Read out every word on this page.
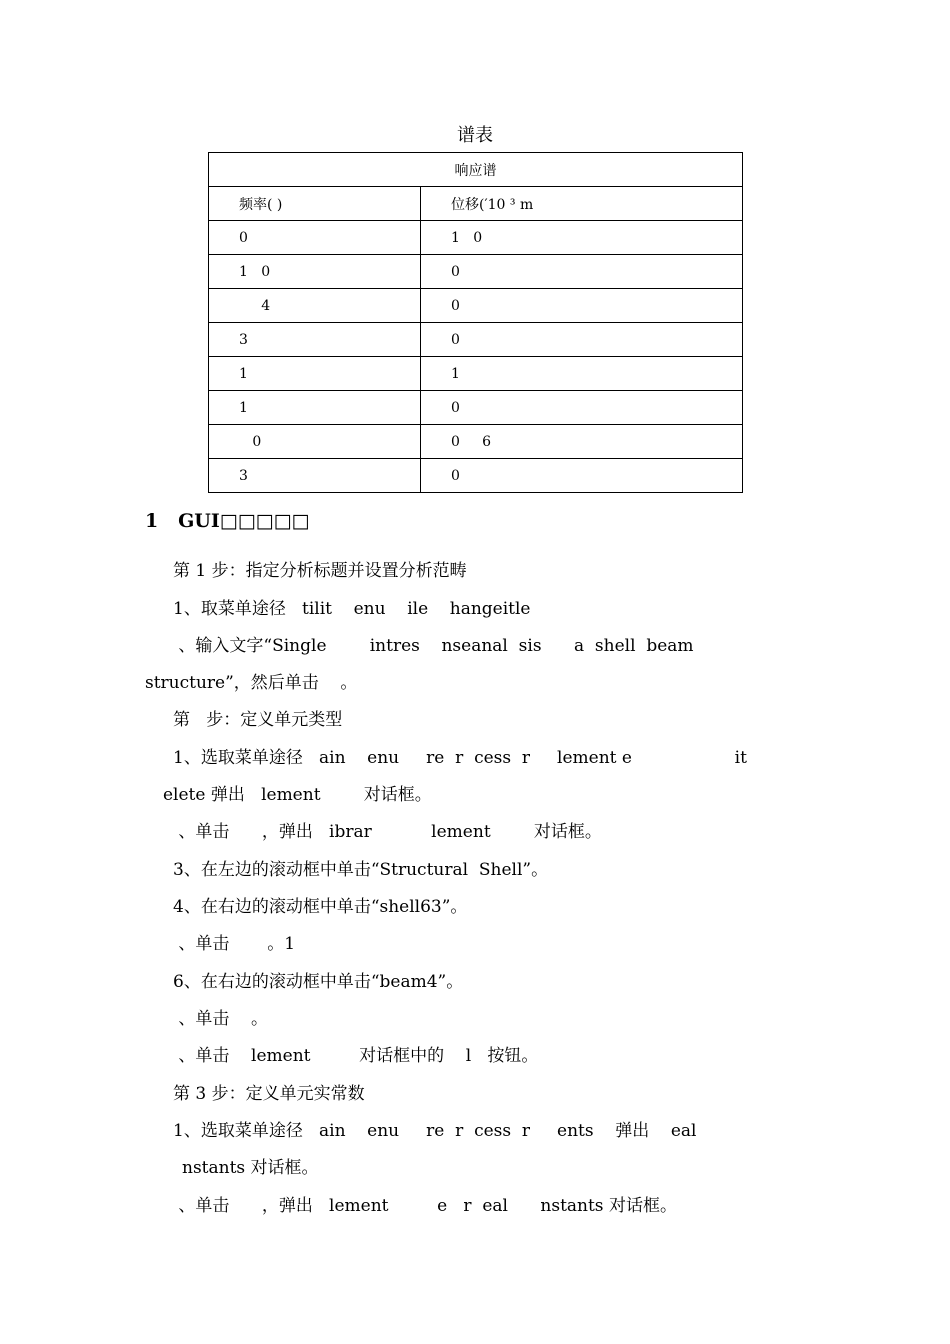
谱表
响应谱	
频率( )	位移(′10 ³ m
0	1   0
1   0	0
4	0
3	0
1	1
1	0
0	0     6
3	0
1   GUI□□□□□
第 1 步：指定分析标题并设置分析范畴
1、取菜单途径   tilit    enu    ile    hangeitle
、输入文字“Single        intres    nseanal  sis      a  shell  beam
structure”，然后单击    。
第   步：定义单元类型
1、选取菜单途径   ain    enu     re  r  cess  r     lement e                   it
elete 弹出   lement        对话框。
、单击      ，弹出   ibrar           lement        对话框。
3、在左边的滚动框中单击“Structural  Shell”。
4、在右边的滚动框中单击“shell63”。
、单击       。1
6、在右边的滚动框中单击“beam4”。
、单击    。
、单击    lement         对话框中的    l   按钮。
第 3 步：定义单元实常数
1、选取菜单途径   ain    enu     re  r  cess  r     ents    弹出    eal
nstants 对话框。
、单击      ，弹出   lement         e   r  eal      nstants 对话框。
